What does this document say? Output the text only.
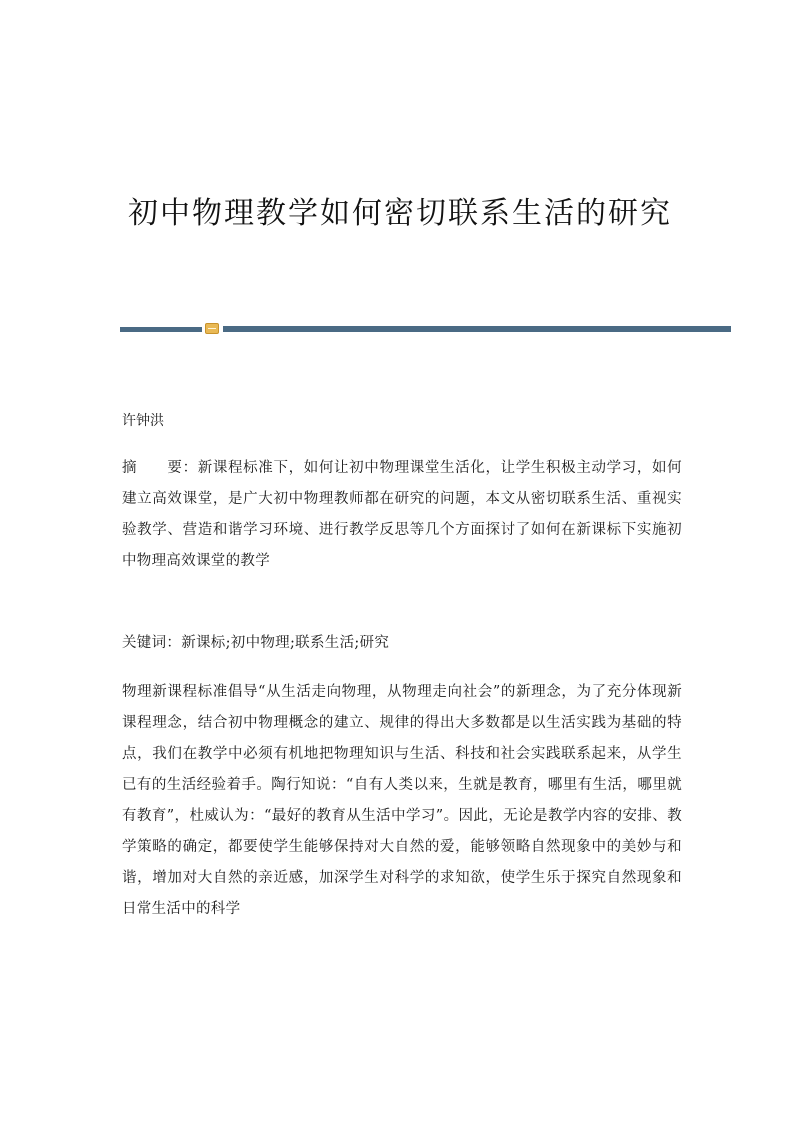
初中物理教学如何密切联系生活的研究

许钟洪

摘　　要：新课程标准下，如何让初中物理课堂生活化，让学生积极主动学习，如何建立高效课堂，是广大初中物理教师都在研究的问题，本文从密切联系生活、重视实验教学、营造和谐学习环境、进行教学反思等几个方面探讨了如何在新课标下实施初中物理高效课堂的教学

关键词：新课标;初中物理;联系生活;研究

物理新课程标准倡导“从生活走向物理，从物理走向社会”的新理念，为了充分体现新课程理念，结合初中物理概念的建立、规律的得出大多数都是以生活实践为基础的特点，我们在教学中必须有机地把物理知识与生活、科技和社会实践联系起来，从学生已有的生活经验着手。陶行知说：“自有人类以来，生就是教育，哪里有生活，哪里就有教育”，杜威认为：“最好的教育从生活中学习”。因此，无论是教学内容的安排、教学策略的确定，都要使学生能够保持对大自然的爱，能够领略自然现象中的美妙与和谐，增加对大自然的亲近感，加深学生对科学的求知欲，使学生乐于探究自然现象和日常生活中的科学
